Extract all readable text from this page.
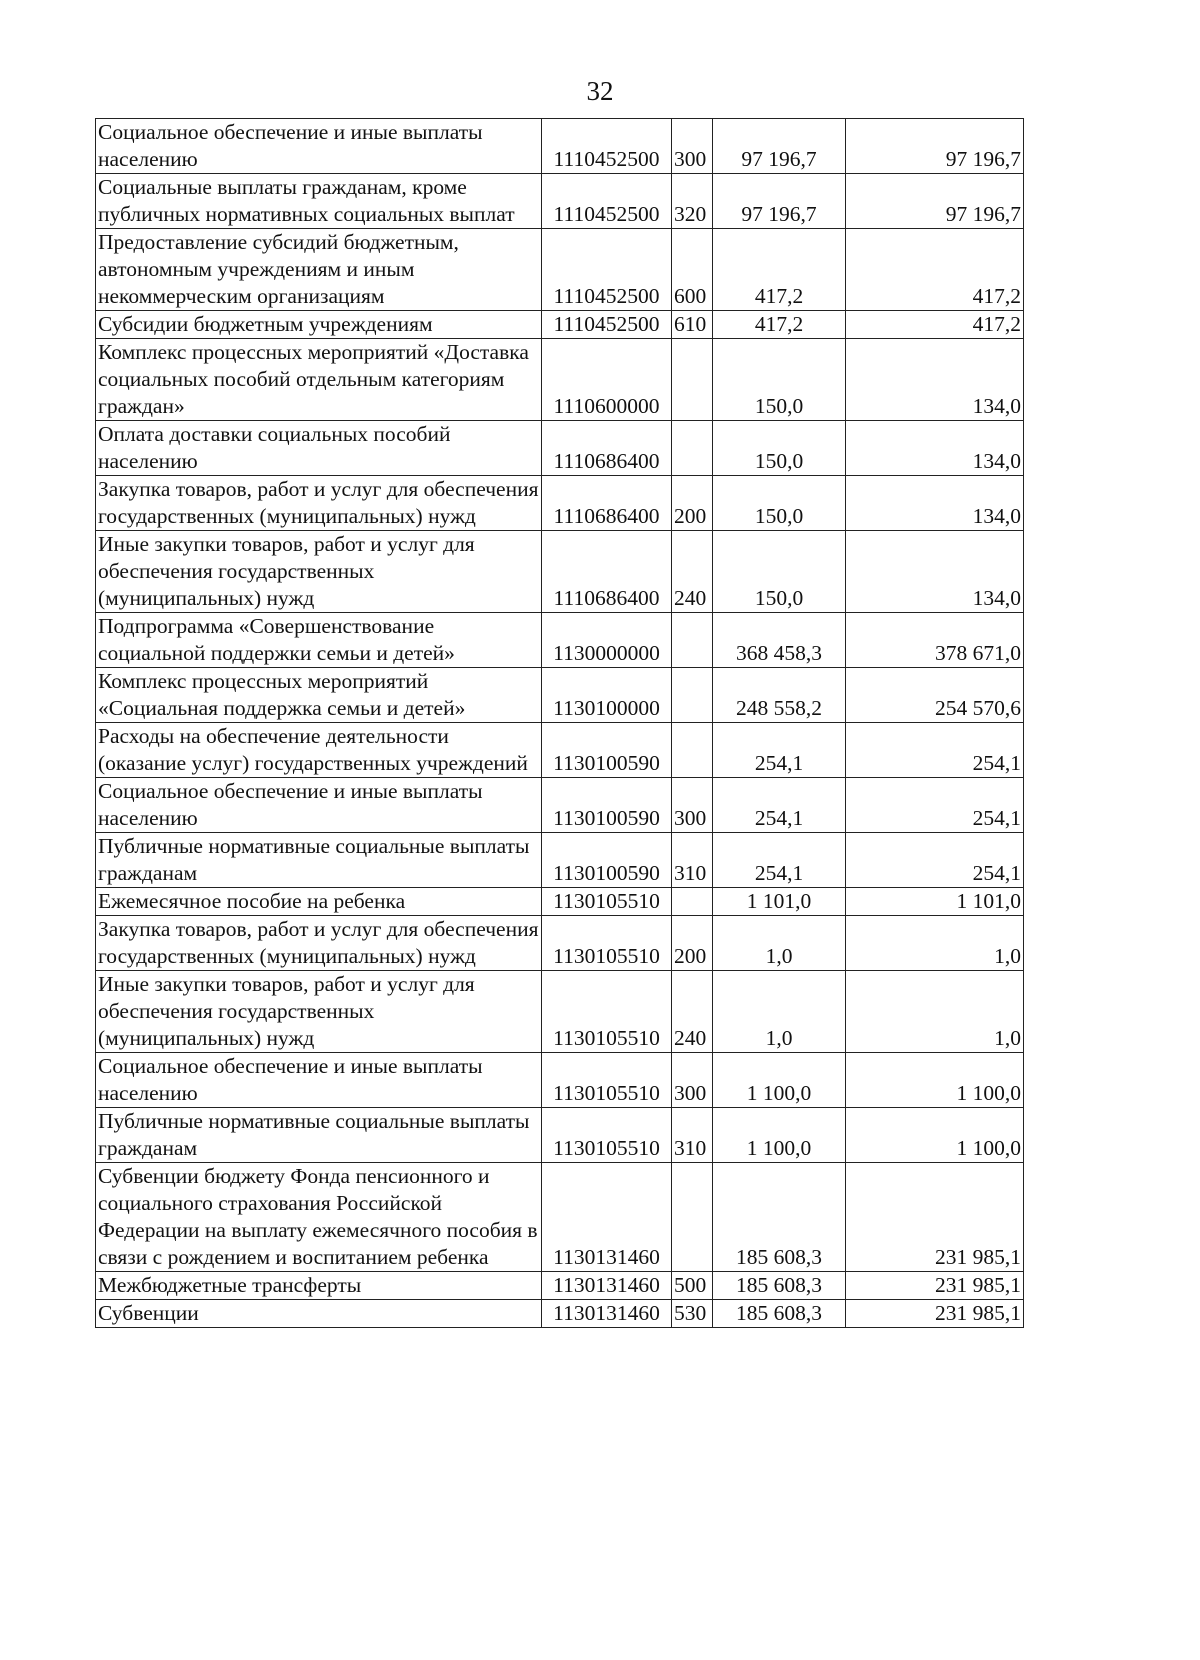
32
Социальное обеспечение и иные выплаты населению	1110452500	300	97 196,7	97 196,7
Социальные выплаты гражданам, кроме публичных нормативных социальных выплат	1110452500	320	97 196,7	97 196,7
Предоставление субсидий бюджетным, автономным учреждениям и иным некоммерческим организациям	1110452500	600	417,2	417,2
Субсидии бюджетным учреждениям	1110452500	610	417,2	417,2
Комплекс процессных мероприятий «Доставка социальных пособий отдельным категориям граждан»	1110600000		150,0	134,0
Оплата доставки социальных пособий населению	1110686400		150,0	134,0
Закупка товаров, работ и услуг для обеспечения государственных (муниципальных) нужд	1110686400	200	150,0	134,0
Иные закупки товаров, работ и услуг для обеспечения государственных (муниципальных) нужд	1110686400	240	150,0	134,0
Подпрограмма «Совершенствование социальной поддержки семьи и детей»	1130000000		368 458,3	378 671,0
Комплекс процессных мероприятий «Социальная поддержка семьи и детей»	1130100000		248 558,2	254 570,6
Расходы на обеспечение деятельности (оказание услуг) государственных учреждений	1130100590		254,1	254,1
Социальное обеспечение и иные выплаты населению	1130100590	300	254,1	254,1
Публичные нормативные социальные выплаты гражданам	1130100590	310	254,1	254,1
Ежемесячное пособие на ребенка	1130105510		1 101,0	1 101,0
Закупка товаров, работ и услуг для обеспечения государственных (муниципальных) нужд	1130105510	200	1,0	1,0
Иные закупки товаров, работ и услуг для обеспечения государственных (муниципальных) нужд	1130105510	240	1,0	1,0
Социальное обеспечение и иные выплаты населению	1130105510	300	1 100,0	1 100,0
Публичные нормативные социальные выплаты гражданам	1130105510	310	1 100,0	1 100,0
Субвенции бюджету Фонда пенсионного и социального страхования Российской Федерации на выплату ежемесячного пособия в связи с рождением и воспитанием ребенка	1130131460		185 608,3	231 985,1
Межбюджетные трансферты	1130131460	500	185 608,3	231 985,1
Субвенции	1130131460	530	185 608,3	231 985,1
